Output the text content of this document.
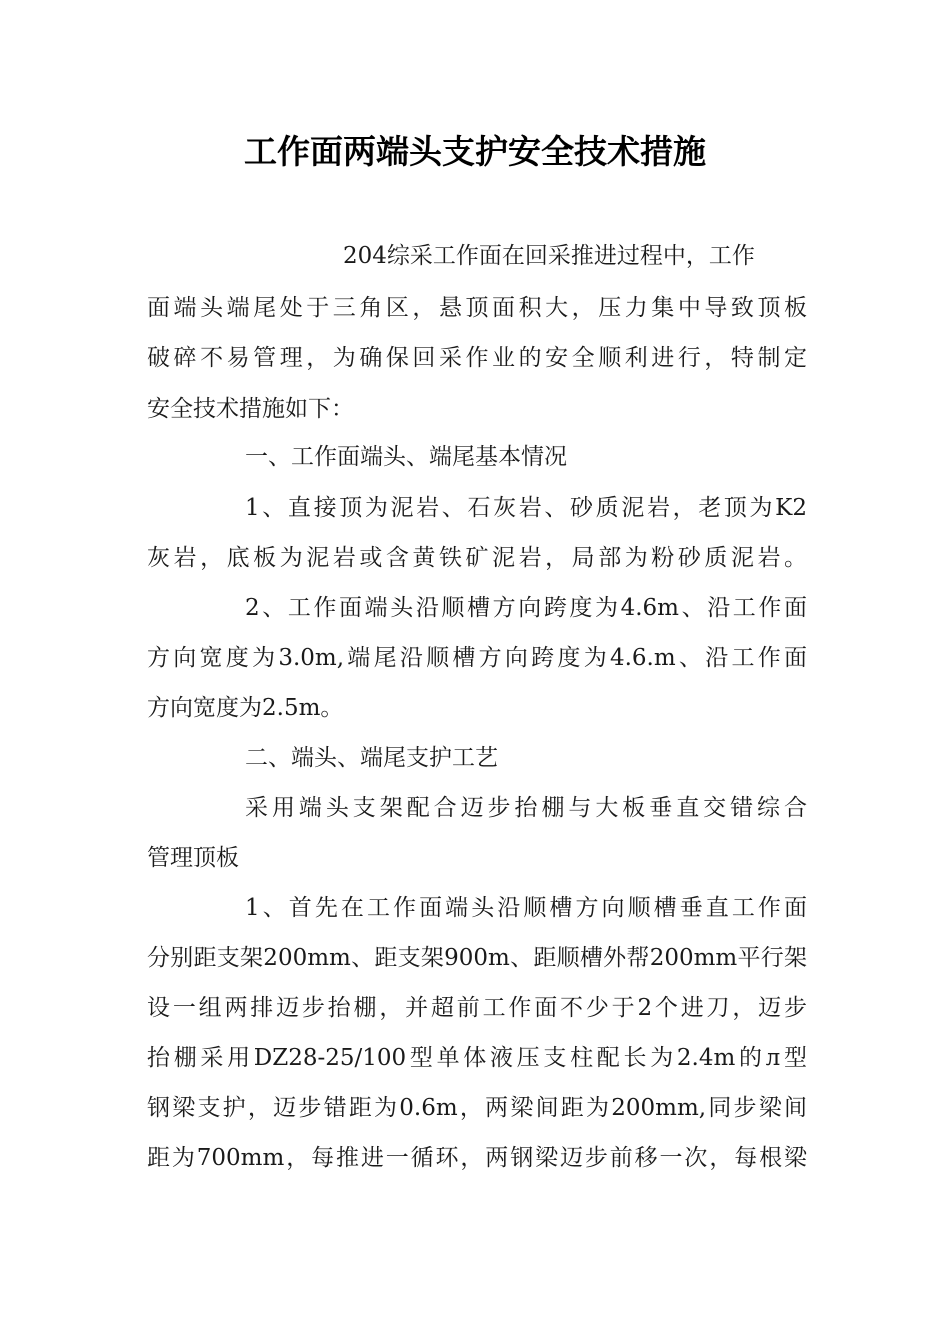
工作面两端头支护安全技术措施
204综采工作面在回采推进过程中，工作
面端头端尾处于三角区，悬顶面积大，压力集中导致顶板
破碎不易管理，为确保回采作业的安全顺利进行，特制定
安全技术措施如下：
一、工作面端头、端尾基本情况
1、直接顶为泥岩、石灰岩、砂质泥岩，老顶为K2
灰岩，底板为泥岩或含黄铁矿泥岩，局部为粉砂质泥岩。
2、工作面端头沿顺槽方向跨度为4.6m、沿工作面
方向宽度为3.0m,端尾沿顺槽方向跨度为4.6.m、沿工作面
方向宽度为2.5m。
二、端头、端尾支护工艺
采用端头支架配合迈步抬棚与大板垂直交错综合
管理顶板
1、首先在工作面端头沿顺槽方向顺槽垂直工作面
分别距支架200mm、距支架900m、距顺槽外帮200mm平行架
设一组两排迈步抬棚，并超前工作面不少于2个进刀，迈步
抬棚采用DZ28-25/100型单体液压支柱配长为2.4m的л型
钢梁支护，迈步错距为0.6m，两梁间距为200mm,同步梁间
距为700mm，每推进一循环，两钢梁迈步前移一次，每根梁
